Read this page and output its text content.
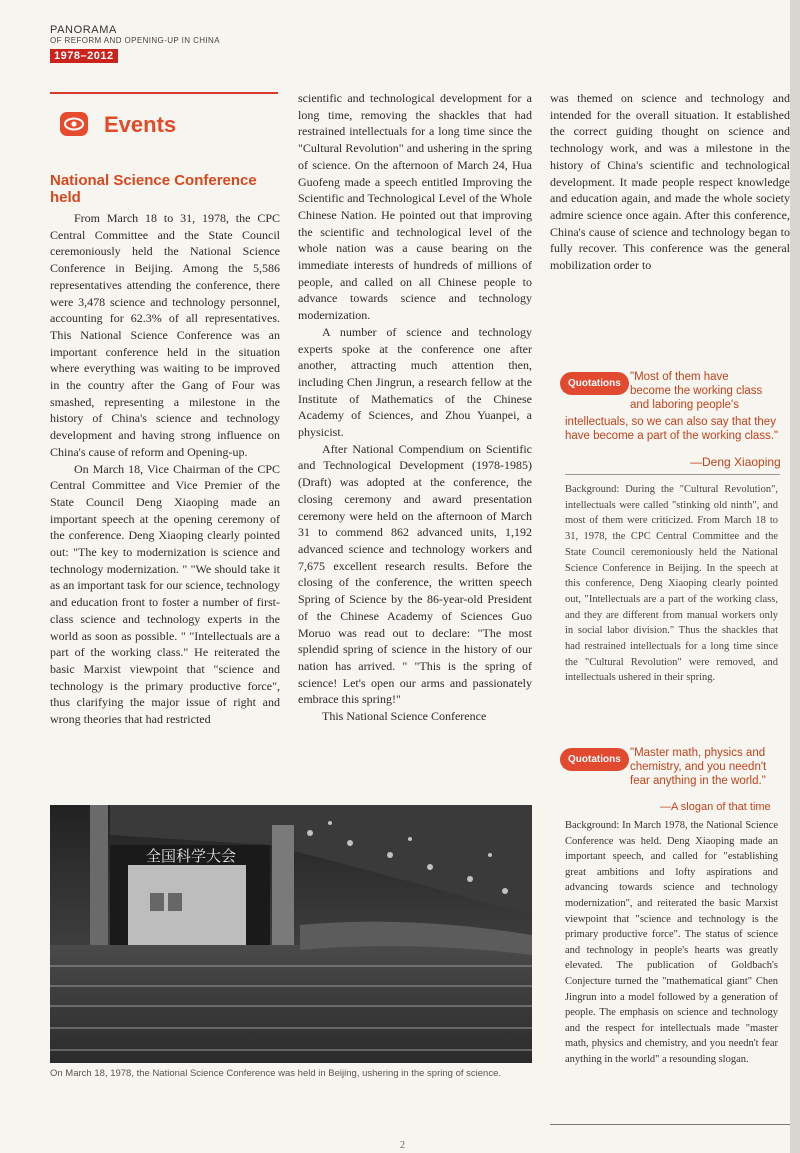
PANORAMA
OF REFORM AND OPENING-UP IN CHINA
1978–2012
Events
National Science Conference held

From March 18 to 31, 1978, the CPC Central Committee and the State Council ceremoniously held the National Science Conference in Beijing. Among the 5,586 representatives attending the conference, there were 3,478 science and technology personnel, accounting for 62.3% of all representatives. This National Science Conference was an important conference held in the situation where everything was waiting to be improved in the country after the Gang of Four was smashed, representing a milestone in the history of China's science and technology development and having strong influence on China's cause of reform and Opening-up.

On March 18, Vice Chairman of the CPC Central Committee and Vice Premier of the State Council Deng Xiaoping made an important speech at the opening ceremony of the conference. Deng Xiaoping clearly pointed out: "The key to modernization is science and technology modernization. " "We should take it as an important task for our science, technology and education front to foster a number of first-class science and technology experts in the world as soon as possible. " "Intellectuals are a part of the working class." He reiterated the basic Marxist viewpoint that "science and technology is the primary productive force", thus clarifying the major issue of right and wrong theories that had restricted

scientific and technological development for a long time, removing the shackles that had restrained intellectuals for a long time since the "Cultural Revolution" and ushering in the spring of science. On the afternoon of March 24, Hua Guofeng made a speech entitled Improving the Scientific and Technological Level of the Whole Chinese Nation. He pointed out that improving the scientific and technological level of the whole nation was a cause bearing on the immediate interests of hundreds of millions of people, and called on all Chinese people to advance towards science and technology modernization.

A number of science and technology experts spoke at the conference one after another, attracting much attention then, including Chen Jingrun, a research fellow at the Institute of Mathematics of the Chinese Academy of Sciences, and Zhou Yuanpei, a physicist.

After National Compendium on Scientific and Technological Development (1978-1985) (Draft) was adopted at the conference, the closing ceremony and award presentation ceremony were held on the afternoon of March 31 to commend 862 advanced units, 1,192 advanced science and technology workers and 7,675 excellent research results. Before the closing of the conference, the written speech Spring of Science by the 86-year-old President of the Chinese Academy of Sciences Guo Moruo was read out to declare: "The most splendid spring of science in the history of our nation has arrived. " "This is the spring of science! Let's open our arms and passionately embrace this spring!"

This National Science Conference

was themed on science and technology and intended for the overall situation. It established the correct guiding thought on science and technology work, and was a milestone in the history of China's scientific and technological development. It made people respect knowledge and education again, and made the whole society admire science once again. After this conference, China's cause of science and technology began to fully recover. This conference was the general mobilization order to

Quotations
"Most of them have become the working class and laboring people's
intellectuals, so we can also say that they have become a part of the working class."
—Deng Xiaoping
Background: During the "Cultural Revolution", intellectuals were called "stinking old ninth", and most of them were criticized. From March 18 to 31, 1978, the CPC Central Committee and the State Council ceremoniously held the National Science Conference in Beijing. In the speech at this conference, Deng Xiaoping clearly pointed out, "Intellectuals are a part of the working class, and they are different from manual workers only in social labor division." Thus the shackles that had restrained intellectuals for a long time since the "Cultural Revolution" were removed, and intellectuals ushered in their spring.
Quotations
"Master math, physics and chemistry, and you needn't fear anything in the world."
—A slogan of that time
Background: In March 1978, the National Science Conference was held. Deng Xiaoping made an important speech, and called for "establishing great ambitions and lofty aspirations and advancing towards science and technology modernization", and reiterated the basic Marxist viewpoint that "science and technology is the primary productive force". The status of science and technology in people's hearts was greatly elevated. The publication of Goldbach's Conjecture turned the "mathematical giant" Chen Jingrun into a model followed by a generation of people. The emphasis on science and technology and the respect for intellectuals made "master math, physics and chemistry, and you needn't fear anything in the world" a resounding slogan.
全国科学大会
On March 18, 1978, the National Science Conference was held in Beijing, ushering in the spring of science.
2
